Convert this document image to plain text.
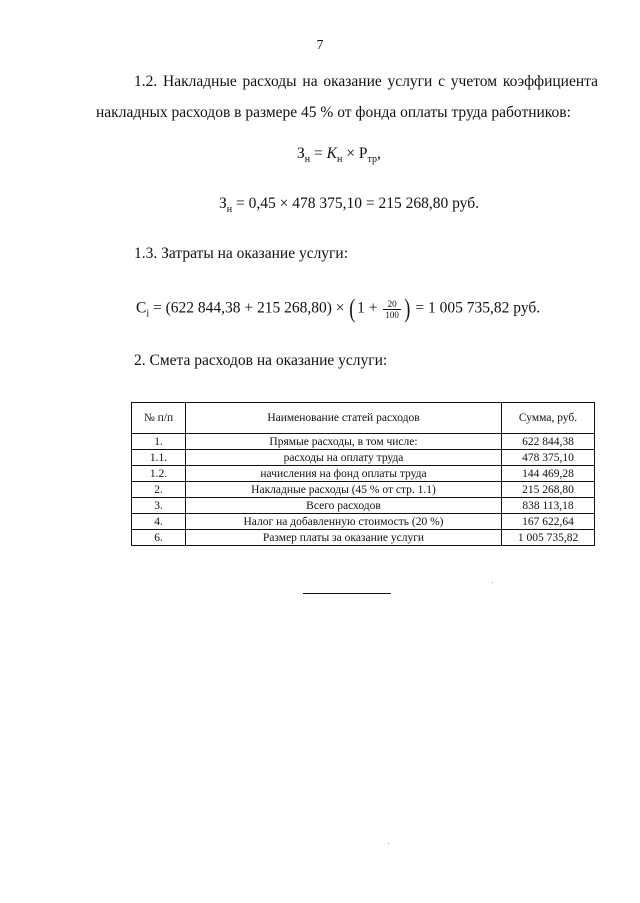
7
1.2. Накладные расходы на оказание услуги с учетом коэффициента накладных расходов в размере 45 % от фонда оплаты труда работников:
$З_н = K_н \times P_{тр}$,
$З_н = 0,45 \times 478$ 375,10 = 215 268,80 руб.
1.3. Затраты на оказание услуги:
$C_i = (622$ 844,38 + 215 $268,80) \times (1 + \frac{20}{100}$ ) = 1 005 735,82 руб.
2. Смета расходов на оказание услуги:
№ п/п	Наименование статей расходов	Сумма, руб.
1.	Прямые расходы, в том числе:	622 844,38
1.1.	расходы на оплату труда	478 375,10
1.2.	начисления на фонд оплаты труда	144 469,28
2.	Накладные расходы (45 % от стр. 1.1)	215 268,80
3.	Всего расходов	838 113,18
4.	Налог на добавленную стоимость (20 %)	167 622,64
6.	Размер платы за оказание услуги	1 005 735,82
